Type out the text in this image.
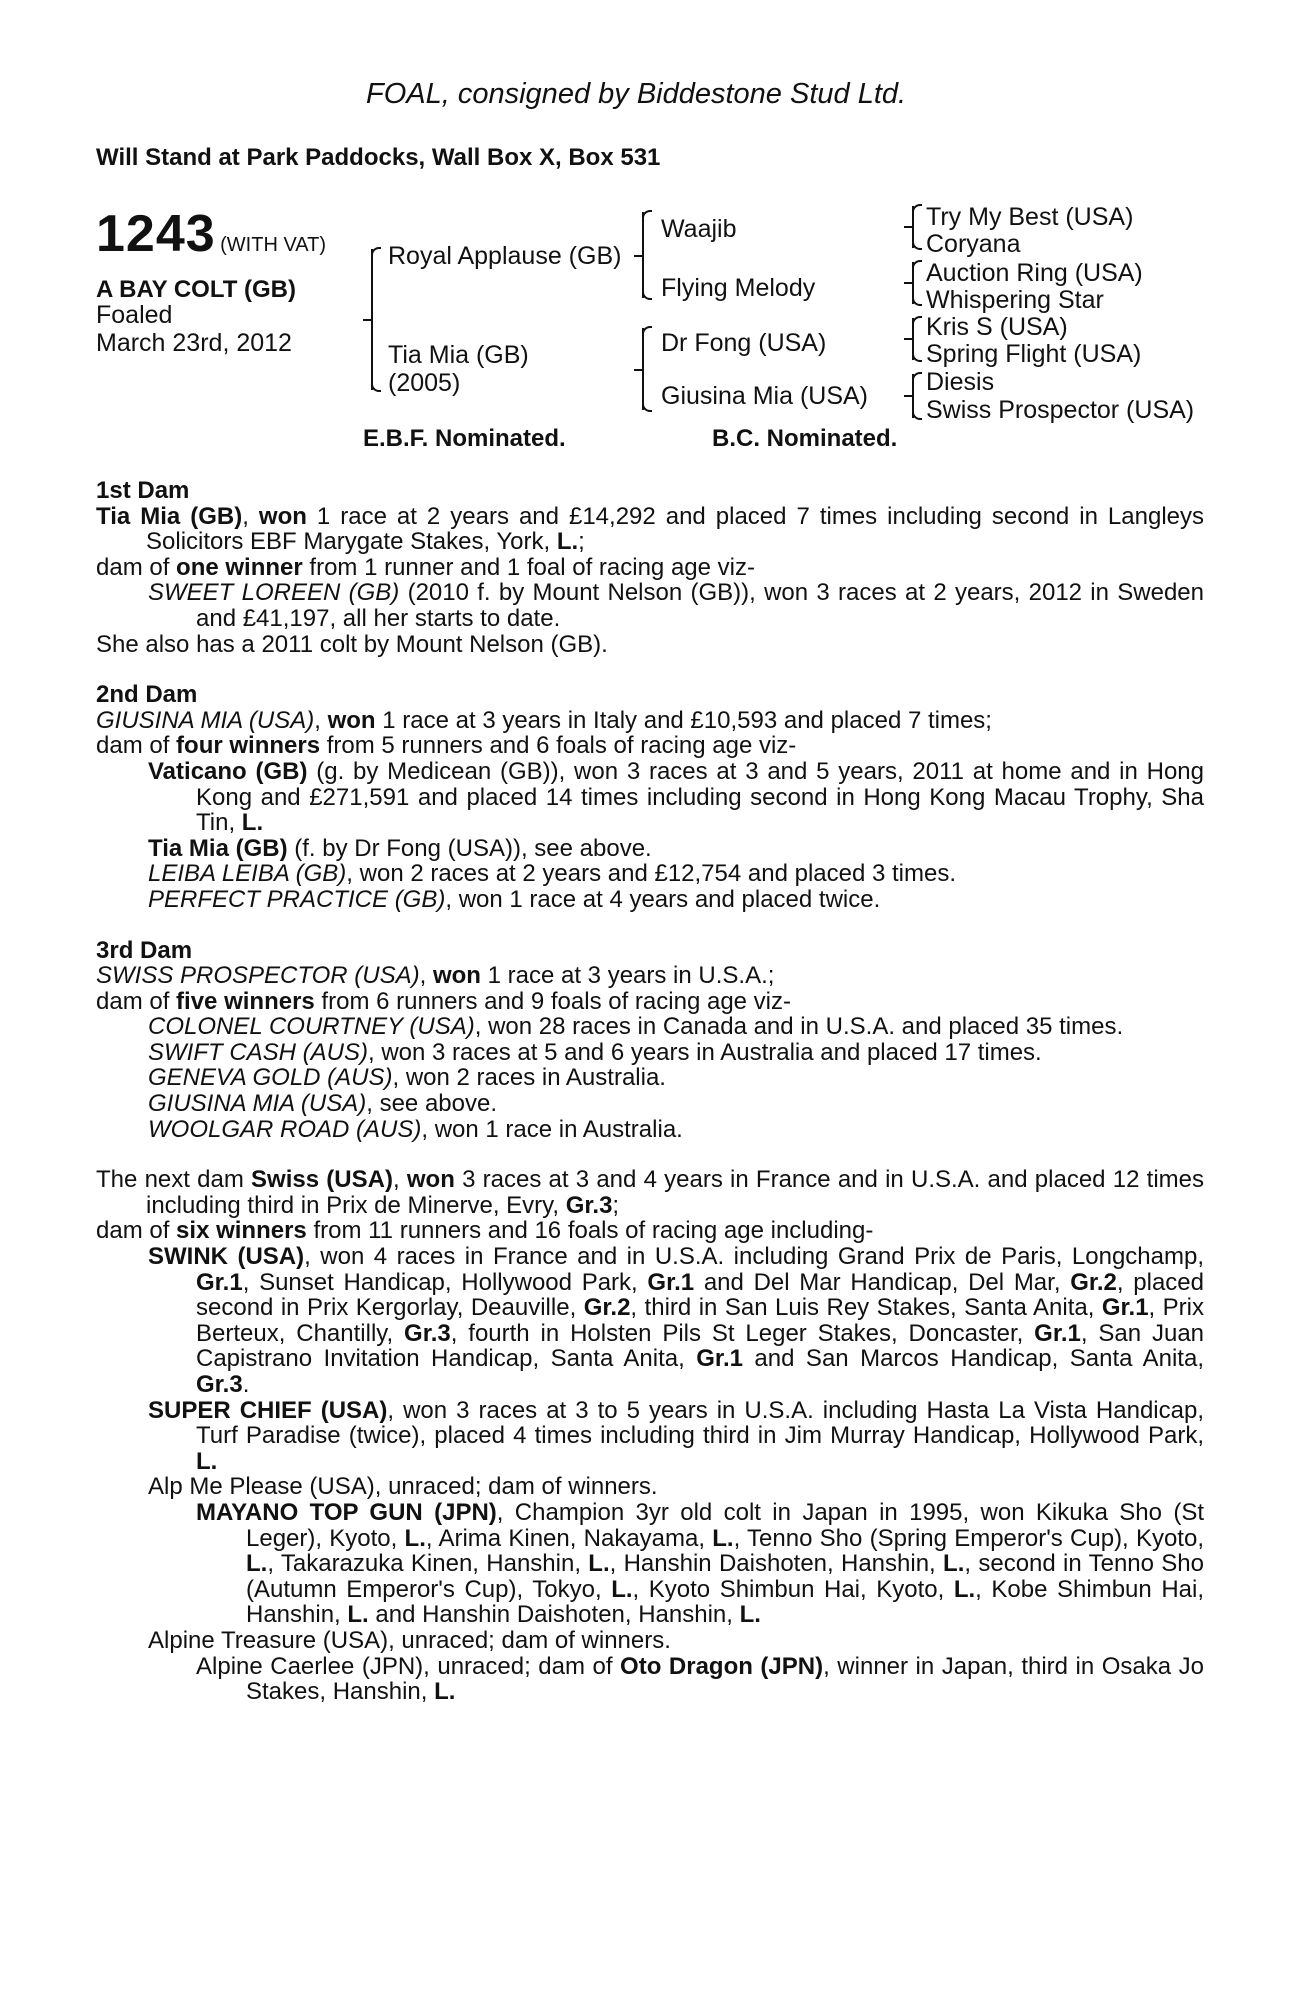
FOAL, consigned by Biddestone Stud Ltd.
Will Stand at Park Paddocks, Wall Box X, Box 531
1243 (WITH VAT)
A BAY COLT (GB)
Foaled
March 23rd, 2012
Royal Applause (GB)
Tia Mia (GB)
(2005)
Waajib
Flying Melody
Dr Fong (USA)
Giusina Mia (USA)
Try My Best (USA)
Coryana
Auction Ring (USA)
Whispering Star
Kris S (USA)
Spring Flight (USA)
Diesis
Swiss Prospector (USA)
E.B.F. Nominated.	B.C. Nominated.

1st Dam

Tia Mia (GB), won 1 race at 2 years and £14,292 and placed 7 times including second in Langleys Solicitors EBF Marygate Stakes, York, L.;

dam of one winner from 1 runner and 1 foal of racing age viz-

SWEET LOREEN (GB) (2010 f. by Mount Nelson (GB)), won 3 races at 2 years, 2012 in Sweden and £41,197, all her starts to date.

She also has a 2011 colt by Mount Nelson (GB).

2nd Dam

GIUSINA MIA (USA), won 1 race at 3 years in Italy and £10,593 and placed 7 times;

dam of four winners from 5 runners and 6 foals of racing age viz-

Vaticano (GB) (g. by Medicean (GB)), won 3 races at 3 and 5 years, 2011 at home and in Hong Kong and £271,591 and placed 14 times including second in Hong Kong Macau Trophy, Sha Tin, L.

Tia Mia (GB) (f. by Dr Fong (USA)), see above.

LEIBA LEIBA (GB), won 2 races at 2 years and £12,754 and placed 3 times.

PERFECT PRACTICE (GB), won 1 race at 4 years and placed twice.

3rd Dam

SWISS PROSPECTOR (USA), won 1 race at 3 years in U.S.A.;

dam of five winners from 6 runners and 9 foals of racing age viz-

COLONEL COURTNEY (USA), won 28 races in Canada and in U.S.A. and placed 35 times.

SWIFT CASH (AUS), won 3 races at 5 and 6 years in Australia and placed 17 times.

GENEVA GOLD (AUS), won 2 races in Australia.

GIUSINA MIA (USA), see above.

WOOLGAR ROAD (AUS), won 1 race in Australia.

The next dam Swiss (USA), won 3 races at 3 and 4 years in France and in U.S.A. and placed 12 times including third in Prix de Minerve, Evry, Gr.3;

dam of six winners from 11 runners and 16 foals of racing age including-

SWINK (USA), won 4 races in France and in U.S.A. including Grand Prix de Paris, Longchamp, Gr.1, Sunset Handicap, Hollywood Park, Gr.1 and Del Mar Handicap, Del Mar, Gr.2, placed second in Prix Kergorlay, Deauville, Gr.2, third in San Luis Rey Stakes, Santa Anita, Gr.1, Prix Berteux, Chantilly, Gr.3, fourth in Holsten Pils St Leger Stakes, Doncaster, Gr.1, San Juan Capistrano Invitation Handicap, Santa Anita, Gr.1 and San Marcos Handicap, Santa Anita, Gr.3.

SUPER CHIEF (USA), won 3 races at 3 to 5 years in U.S.A. including Hasta La Vista Handicap, Turf Paradise (twice), placed 4 times including third in Jim Murray Handicap, Hollywood Park, L.

Alp Me Please (USA), unraced; dam of winners.

MAYANO TOP GUN (JPN), Champion 3yr old colt in Japan in 1995, won Kikuka Sho (St Leger), Kyoto, L., Arima Kinen, Nakayama, L., Tenno Sho (Spring Emperor's Cup), Kyoto, L., Takarazuka Kinen, Hanshin, L., Hanshin Daishoten, Hanshin, L., second in Tenno Sho (Autumn Emperor's Cup), Tokyo, L., Kyoto Shimbun Hai, Kyoto, L., Kobe Shimbun Hai, Hanshin, L. and Hanshin Daishoten, Hanshin, L.

Alpine Treasure (USA), unraced; dam of winners.

Alpine Caerlee (JPN), unraced; dam of Oto Dragon (JPN), winner in Japan, third in Osaka Jo Stakes, Hanshin, L.
